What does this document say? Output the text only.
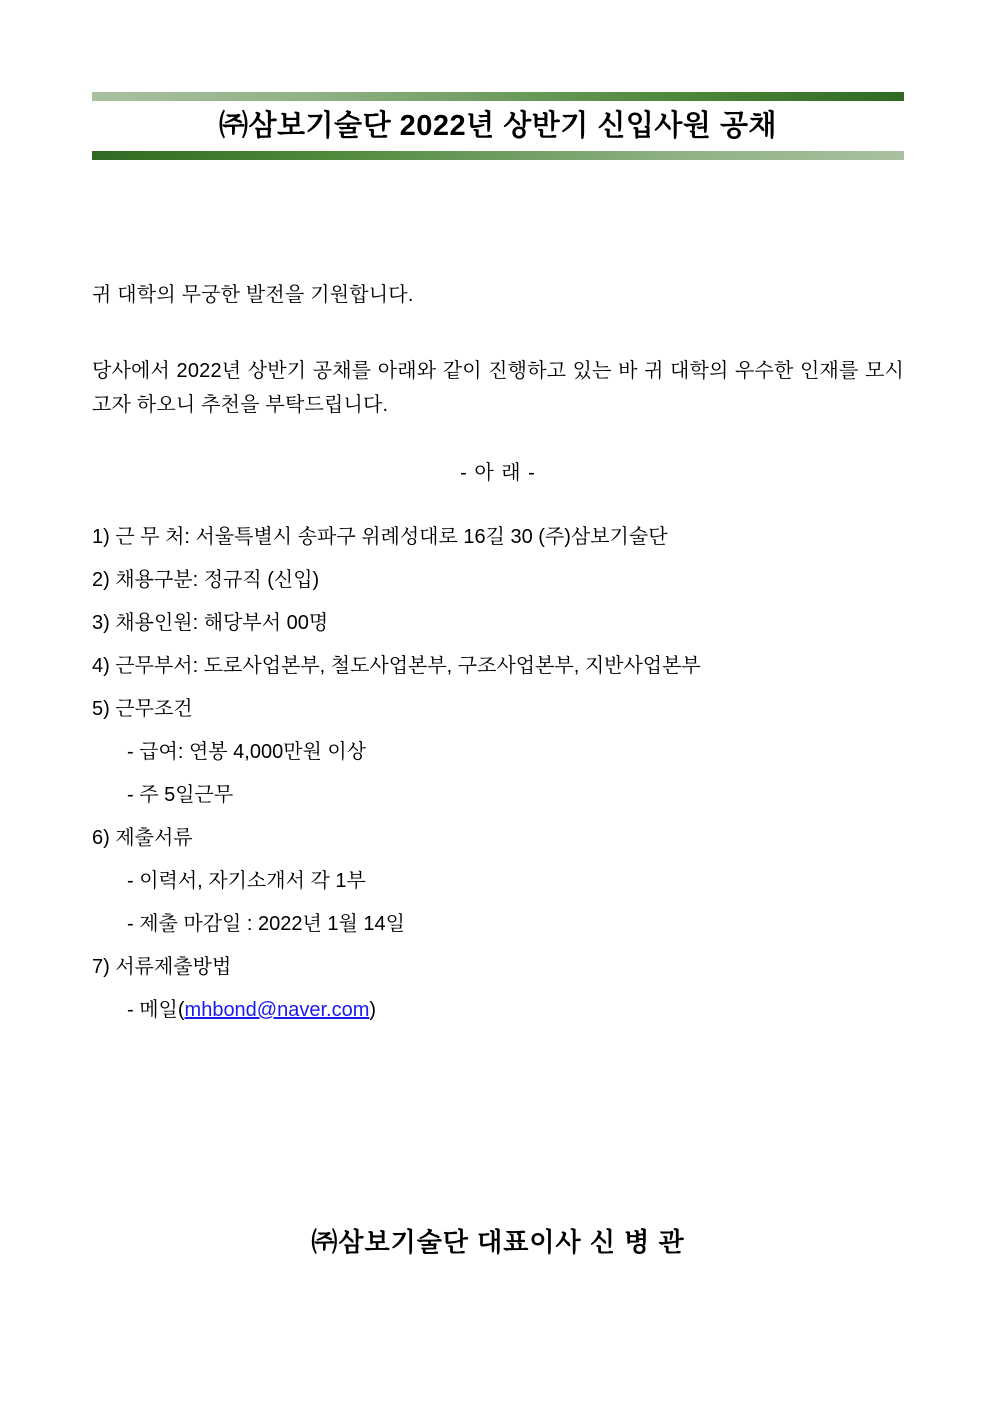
㈜삼보기술단 2022년 상반기 신입사원 공채

귀 대학의 무궁한 발전을 기원합니다.

당사에서 2022년 상반기 공채를 아래와 같이 진행하고 있는 바 귀 대학의 우수한 인재를 모시고자 하오니 추천을 부탁드립니다.

- 아 래 -
1) 근 무 처: 서울특별시 송파구 위례성대로 16길 30 (주)삼보기술단
2) 채용구분: 정규직 (신입)
3) 채용인원: 해당부서 00명
4) 근무부서: 도로사업본부, 철도사업본부, 구조사업본부, 지반사업본부
5) 근무조건
- 급여: 연봉 4,000만원 이상
- 주 5일근무
6) 제출서류
- 이력서, 자기소개서 각 1부
- 제출 마감일 : 2022년 1월 14일
7) 서류제출방법
- 메일(mhbond@naver.com)
㈜삼보기술단 대표이사 신 병 관
